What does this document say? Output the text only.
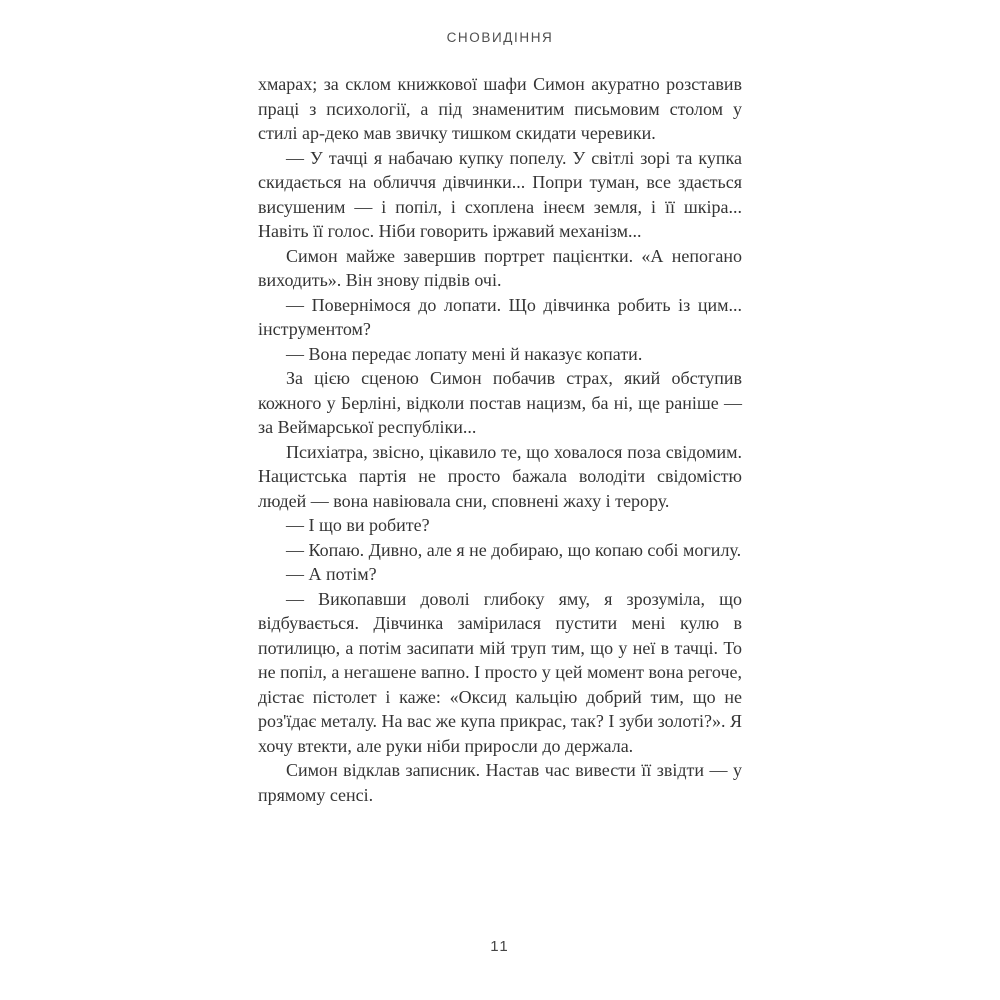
СНОВИДІННЯ

хмарах; за склом книжкової шафи Симон акуратно розставив праці з психології, а під знаменитим письмовим столом у стилі ар-деко мав звичку тишком скидати черевики.

— У тачці я набачаю купку попелу. У світлі зорі та купка скидається на обличчя дівчинки... Попри туман, все здається висушеним — і попіл, і схоплена інеєм земля, і її шкіра... Навіть її голос. Ніби говорить іржавий механізм...

Симон майже завершив портрет пацієнтки. «А непогано виходить». Він знову підвів очі.

— Повернімося до лопати. Що дівчинка робить із цим... інструментом?

— Вона передає лопату мені й наказує копати.

За цією сценою Симон побачив страх, який обступив кожного у Берліні, відколи постав нацизм, ба ні, ще раніше — за Веймарської республіки...

Психіатра, звісно, цікавило те, що ховалося поза свідомим. Нацистська партія не просто бажала володіти свідомістю людей — вона навіювала сни, сповнені жаху і терору.

— І що ви робите?

— Копаю. Дивно, але я не добираю, що копаю собі могилу.

— А потім?

— Викопавши доволі глибоку яму, я зрозуміла, що відбувається. Дівчинка замірилася пустити мені кулю в потилицю, а потім засипати мій труп тим, що у неї в тачці. То не попіл, а негашене вапно. І просто у цей момент вона регоче, дістає пістолет і каже: «Оксид кальцію добрий тим, що не роз'їдає металу. На вас же купа прикрас, так? І зуби золоті?». Я хочу втекти, але руки ніби приросли до держала.

Симон відклав записник. Настав час вивести її звідти — у прямому сенсі.

11
